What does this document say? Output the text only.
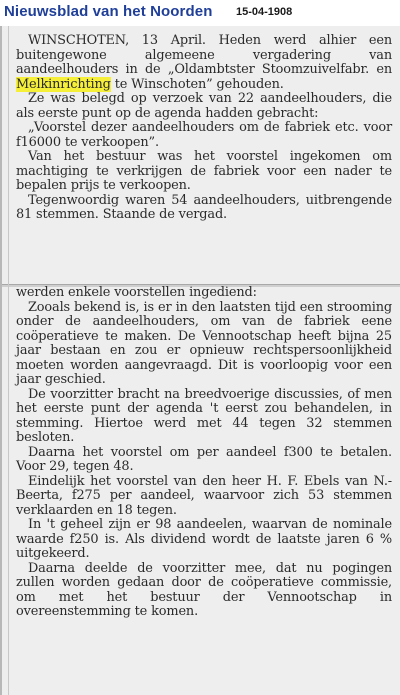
Nieuwsblad van het Noorden 15-04-1908

WINSCHOTEN, 13 April. Heden werd alhier een buitengewone algemeene vergadering van aandeelhouders in de „Oldambtster Stoomzuivelfabr. en Melkinrichting te Winschoten” gehouden.

Ze was belegd op verzoek van 22 aandeelhouders, die als eerste punt op de agenda hadden gebracht:

„Voorstel dezer aandeelhouders om de fabriek etc. voor f16000 te verkoopen”.

Van het bestuur was het voorstel ingekomen om machtiging te verkrijgen de fabriek voor een nader te bepalen prijs te verkoopen.

Tegenwoordig waren 54 aandeelhouders, uitbrengende 81 stemmen. Staande de vergad.

werden enkele voorstellen ingediend:

Zooals bekend is, is er in den laatsten tijd een strooming onder de aandeelhouders, om van de fabriek eene coöperatieve te maken. De Vennootschap heeft bijna 25 jaar bestaan en zou er opnieuw rechtspersoonlijkheid moeten worden aangevraagd. Dit is voorloopig voor een jaar geschied.

De voorzitter bracht na breedvoerige discussies, of men het eerste punt der agenda 't eerst zou behandelen, in stemming. Hiertoe werd met 44 tegen 32 stemmen besloten.

Daarna het voorstel om per aandeel f300 te betalen. Voor 29, tegen 48.

Eindelijk het voorstel van den heer H. F. Ebels van N.-Beerta, f275 per aandeel, waarvoor zich 53 stemmen verklaarden en 18 tegen.

In 't geheel zijn er 98 aandeelen, waarvan de nominale waarde f250 is. Als dividend wordt de laatste jaren 6 % uitgekeerd.

Daarna deelde de voorzitter mee, dat nu pogingen zullen worden gedaan door de coöperatieve commissie, om met het bestuur der Vennootschap in overeenstemming te komen.
